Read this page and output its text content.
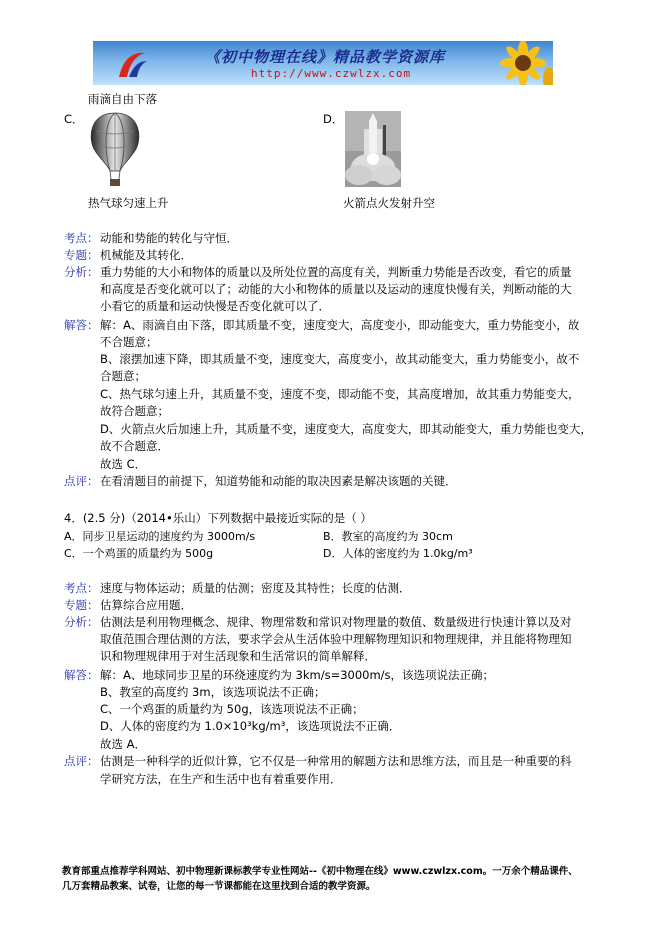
《初中物理在线》精品教学资源库
http://www.czwlzx.com
雨滴自由下落
C．	D．
热气球匀速上升	火箭点火发射升空
考点： 动能和势能的转化与守恒．
专题： 机械能及其转化．
分析： 重力势能的大小和物体的质量以及所处位置的高度有关，判断重力势能是否改变，看它的质量
和高度是否变化就可以了；动能的大小和物体的质量以及运动的速度快慢有关，判断动能的大
小看它的质量和运动快慢是否变化就可以了．
解答： 解：A、雨滴自由下落，即其质量不变，速度变大，高度变小，即动能变大，重力势能变小，故
不合题意；
B、滚摆加速下降，即其质量不变，速度变大，高度变小，故其动能变大，重力势能变小，故不
合题意；
C、热气球匀速上升，其质量不变，速度不变，即动能不变，其高度增加，故其重力势能变大，
故符合题意；
D、火箭点火后加速上升，其质量不变，速度变大，高度变大，即其动能变大，重力势能也变大，
故不合题意．
故选 C．
点评： 在看清题目的前提下，知道势能和动能的取决因素是解决该题的关键．
4．(2.5 分)（2014•乐山）下列数据中最接近实际的是（ ）
A．同步卫星运动的速度约为 3000m/s	B．教室的高度约为 30cm
C．一个鸡蛋的质量约为 500g	D．人体的密度约为 1.0kg/m³
考点： 速度与物体运动；质量的估测；密度及其特性；长度的估测．
专题： 估算综合应用题．
分析： 估测法是利用物理概念、规律、物理常数和常识对物理量的数值、数量级进行快速计算以及对
取值范围合理估测的方法，要求学会从生活体验中理解物理知识和物理规律，并且能将物理知
识和物理规律用于对生活现象和生活常识的简单解释．
解答： 解：A、地球同步卫星的环绕速度约为 3km/s=3000m/s，该选项说法正确；
B、教室的高度约 3m，该选项说法不正确；
C、一个鸡蛋的质量约为 50g，该选项说法不正确；
D、人体的密度约为 1.0×10³kg/m³，该选项说法不正确．
故选 A．
点评： 估测是一种科学的近似计算，它不仅是一种常用的解题方法和思维方法，而且是一种重要的科
学研究方法，在生产和生活中也有着重要作用．
教育部重点推荐学科网站、初中物理新课标教学专业性网站--《初中物理在线》www.czwlzx.com。一万余个精品课件、
几万套精品教案、试卷，让您的每一节课都能在这里找到合适的教学资源。
